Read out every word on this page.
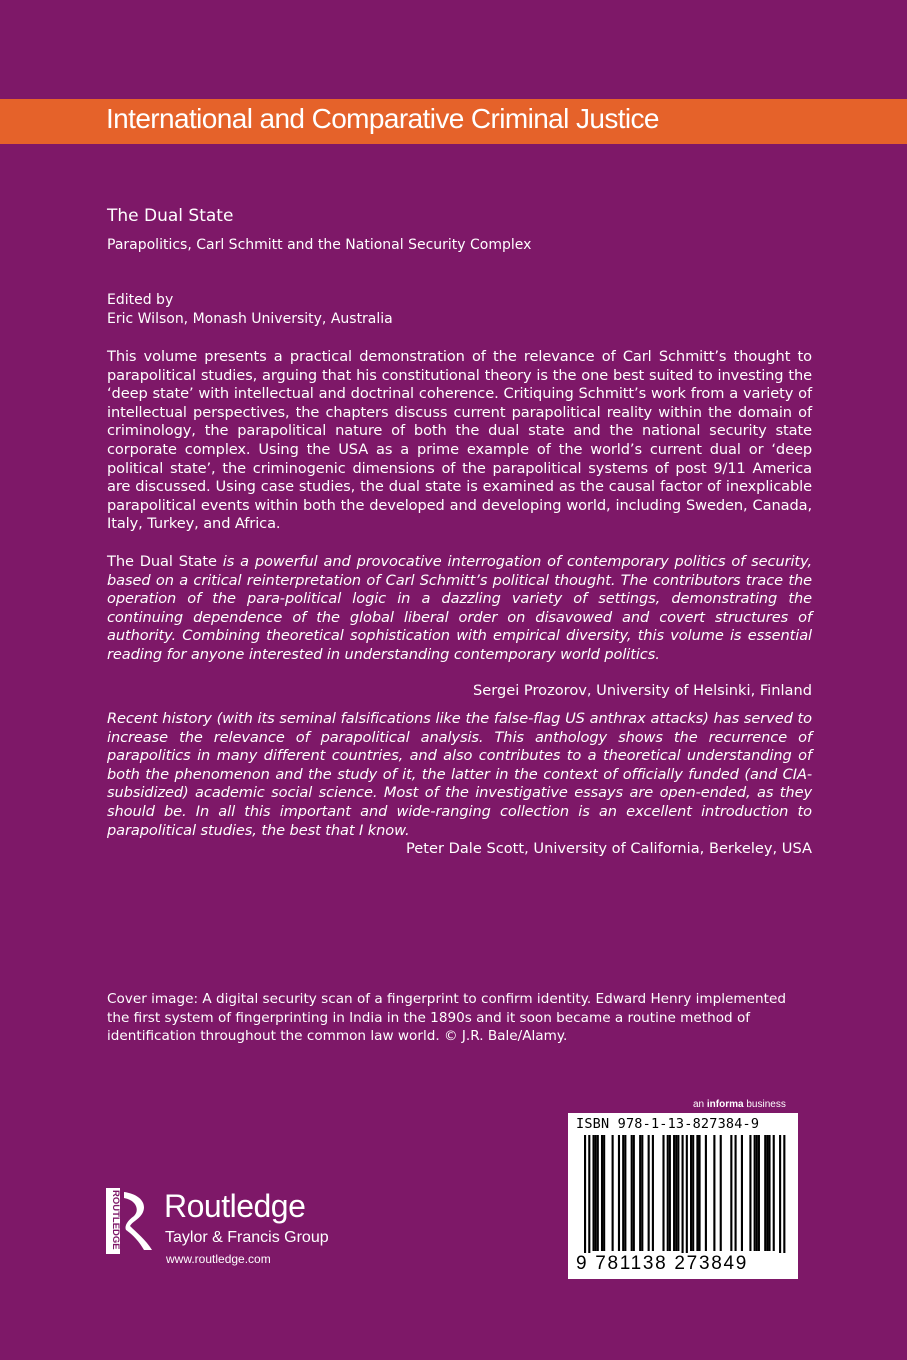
International and Comparative Criminal Justice
The Dual State
Parapolitics, Carl Schmitt and the National Security Complex
Edited by
Eric Wilson, Monash University, Australia

This volume presents a practical demonstration of the relevance of Carl Schmitt’s thought to parapolitical studies, arguing that his constitutional theory is the one best suited to investing the ‘deep state’ with intellectual and doctrinal coherence. Critiquing Schmitt’s work from a variety of intellectual perspectives, the chapters discuss current parapolitical reality within the domain of criminology, the parapolitical nature of both the dual state and the national security state corporate complex. Using the USA as a prime example of the world’s current dual or ‘deep political state’, the criminogenic dimensions of the parapolitical systems of post 9/11 America are discussed. Using case studies, the dual state is examined as the causal factor of inexplicable parapolitical events within both the developed and developing world, including Sweden, Canada, Italy, Turkey, and Africa.

The Dual State is a powerful and provocative interrogation of contemporary politics of security, based on a critical reinterpretation of Carl Schmitt’s political thought. The contributors trace the operation of the para-political logic in a dazzling variety of settings, demonstrating the continuing dependence of the global liberal order on disavowed and covert structures of authority. Combining theoretical sophistication with empirical diversity, this volume is essential reading for anyone interested in understanding contemporary world politics.

Sergei Prozorov, University of Helsinki, Finland

Recent history (with its seminal falsifications like the false-flag US anthrax attacks) has served to increase the relevance of parapolitical analysis. This anthology shows the recurrence of parapolitics in many different countries, and also contributes to a theoretical understanding of both the phenomenon and the study of it, the latter in the context of officially funded (and CIA-subsidized) academic social science. Most of the investigative essays are open-ended, as they should be. In all this important and wide-ranging collection is an excellent introduction to parapolitical studies, the best that I know.

Peter Dale Scott, University of California, Berkeley, USA

Cover image: A digital security scan of a fingerprint to confirm identity. Edward Henry implemented the first system of fingerprinting in India in the 1890s and it soon became a routine method of identification throughout the common law world. © J.R. Bale/Alamy.

an informa business
ISBN 978-1-13-827384-9
9 781138 273849
ROUTLEDGE Routledge
Taylor & Francis Group
www.routledge.com
